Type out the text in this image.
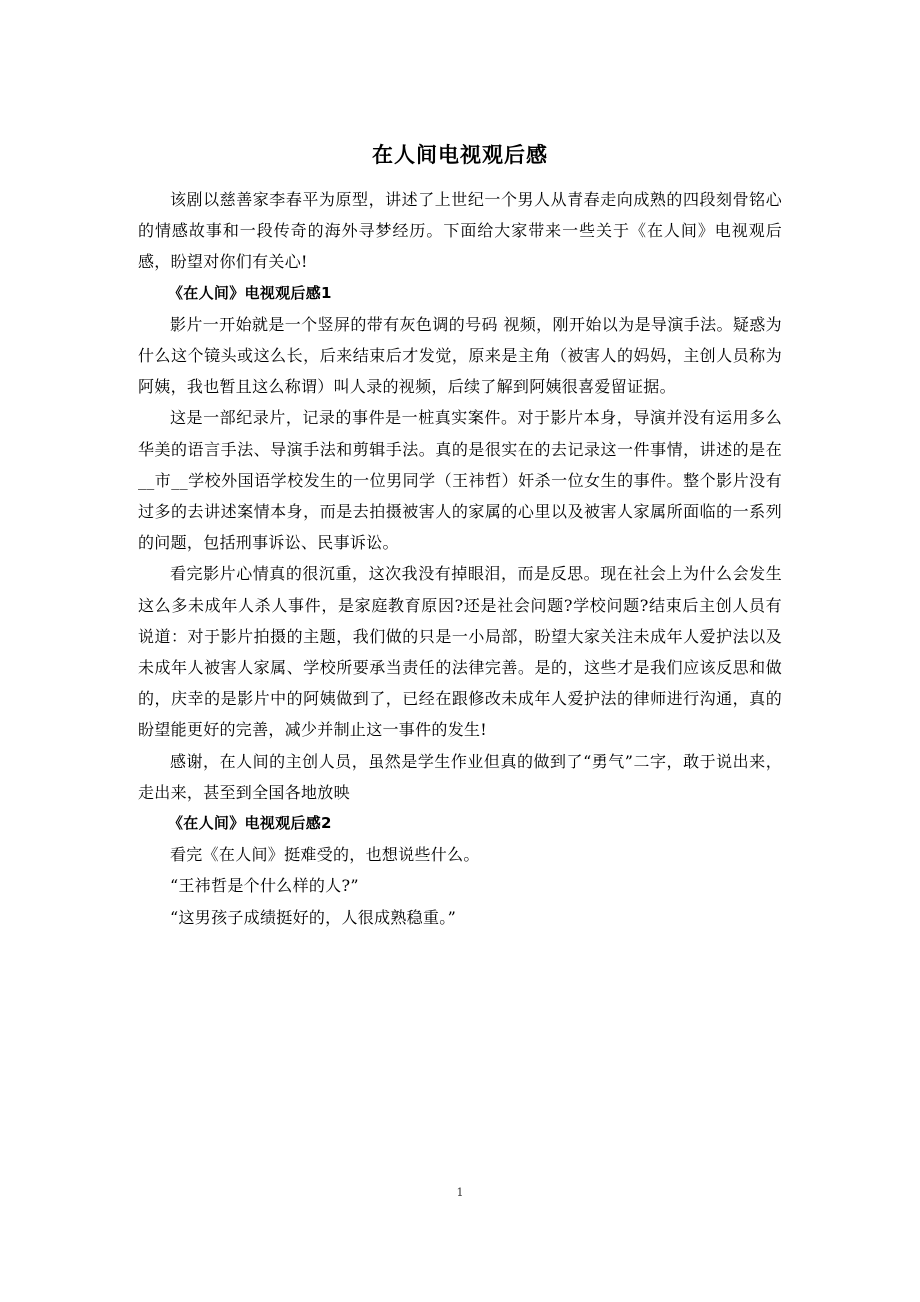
在人间电视观后感

该剧以慈善家李春平为原型，讲述了上世纪一个男人从青春走向成熟的四段刻骨铭心的情感故事和一段传奇的海外寻梦经历。下面给大家带来一些关于《在人间》电视观后感，盼望对你们有关心!

《在人间》电视观后感1

影片一开始就是一个竖屏的带有灰色调的号码 视频，刚开始以为是导演手法。疑惑为什么这个镜头或这么长，后来结束后才发觉，原来是主角（被害人的妈妈，主创人员称为阿姨，我也暂且这么称谓）叫人录的视频，后续了解到阿姨很喜爱留证据。

这是一部纪录片，记录的事件是一桩真实案件。对于影片本身，导演并没有运用多么华美的语言手法、导演手法和剪辑手法。真的是很实在的去记录这一件事情，讲述的是在__市__学校外国语学校发生的一位男同学（王祎哲）奸杀一位女生的事件。整个影片没有过多的去讲述案情本身，而是去拍摄被害人的家属的心里以及被害人家属所面临的一系列的问题，包括刑事诉讼、民事诉讼。

看完影片心情真的很沉重，这次我没有掉眼泪，而是反思。现在社会上为什么会发生这么多未成年人杀人事件，是家庭教育原因?还是社会问题?学校问题?结束后主创人员有说道：对于影片拍摄的主题，我们做的只是一小局部，盼望大家关注未成年人爱护法以及未成年人被害人家属、学校所要承当责任的法律完善。是的，这些才是我们应该反思和做的，庆幸的是影片中的阿姨做到了，已经在跟修改未成年人爱护法的律师进行沟通，真的盼望能更好的完善，减少并制止这一事件的发生!

感谢，在人间的主创人员，虽然是学生作业但真的做到了“勇气”二字，敢于说出来，走出来，甚至到全国各地放映

《在人间》电视观后感2

看完《在人间》挺难受的，也想说些什么。

“王祎哲是个什么样的人?”

“这男孩子成绩挺好的，人很成熟稳重。”

1
